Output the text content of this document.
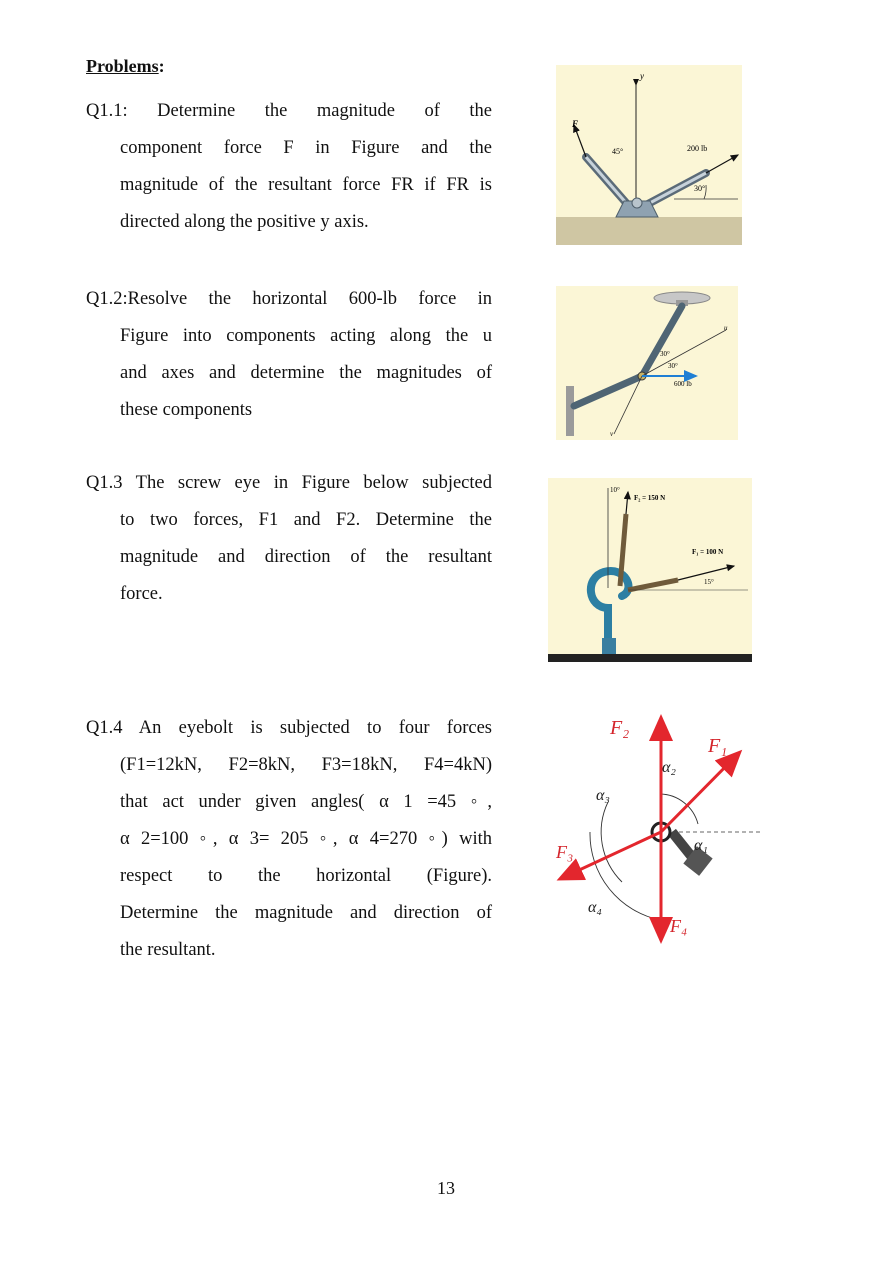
Problems:
Q1.1: Determine the magnitude of the
component force F in Figure and the
magnitude of the resultant force FR if FR is
directed along the positive y axis.
Q1.2:Resolve the horizontal 600-lb force in
Figure into components acting along the u
and axes and determine the magnitudes of
these components
Q1.3 The screw eye in Figure below subjected
to two forces, F1 and F2. Determine the
magnitude and direction of the resultant
force.
Q1.4 An eyebolt is subjected to four forces
(F1=12kN, F2=8kN, F3=18kN, F4=4kN)
that act under given angles( α 1 =45 ◦,
α 2=100 ◦, α 3= 205 ◦, α 4=270 ◦) with
respect to the horizontal (Figure).
Determine the magnitude and direction of
the resultant.
y
F
45°	200 lb
30°
u
v
600 lb
30°
30°
10°
F₂ = 150 N
F₁ = 100 N
15°
F₂
F₁
F₃
F₄
α₂
α₃
α₄
α₁
13
